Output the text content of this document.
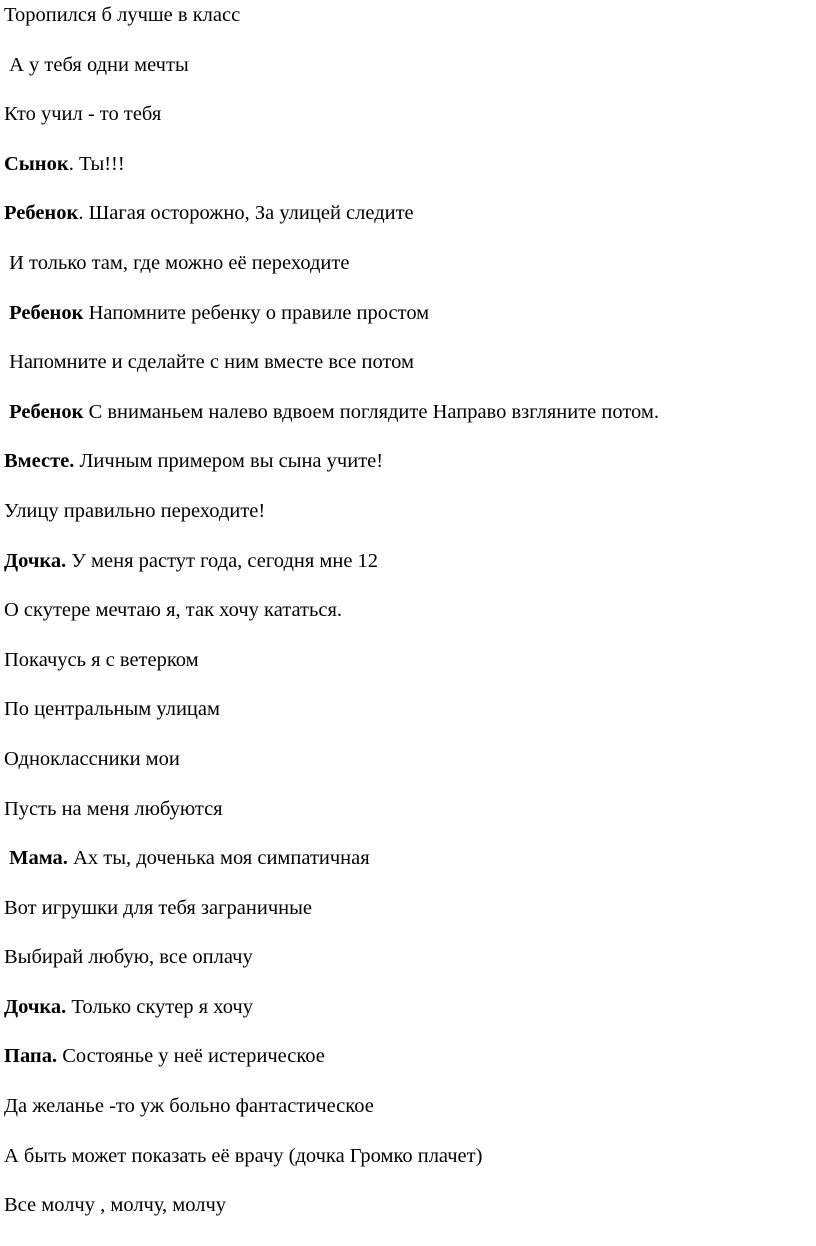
Торопился б лучше в класс
А у тебя одни мечты
Кто учил - то тебя
Сынок. Ты!!!
Ребенок. Шагая осторожно, За улицей следите
И только там, где можно её переходите
Ребенок Напомните ребенку о правиле простом
Напомните и сделайте с ним вместе все потом
Ребенок С вниманьем налево вдвоем поглядите Направо взгляните потом.
Вместе. Личным примером вы сына учите!
Улицу правильно переходите!
Дочка. У меня растут года, сегодня мне 12
О скутере мечтаю я, так хочу кататься.
Покачусь я с ветерком
По центральным улицам
Одноклассники мои
Пусть на меня любуются
Мама. Ах ты, доченька моя симпатичная
Вот игрушки для тебя заграничные
Выбирай любую, все оплачу
Дочка. Только скутер я хочу
Папа. Состоянье у неё истерическое
Да желанье -то уж больно фантастическое
А быть может показать её врачу (дочка Громко плачет)
Все молчу , молчу, молчу
